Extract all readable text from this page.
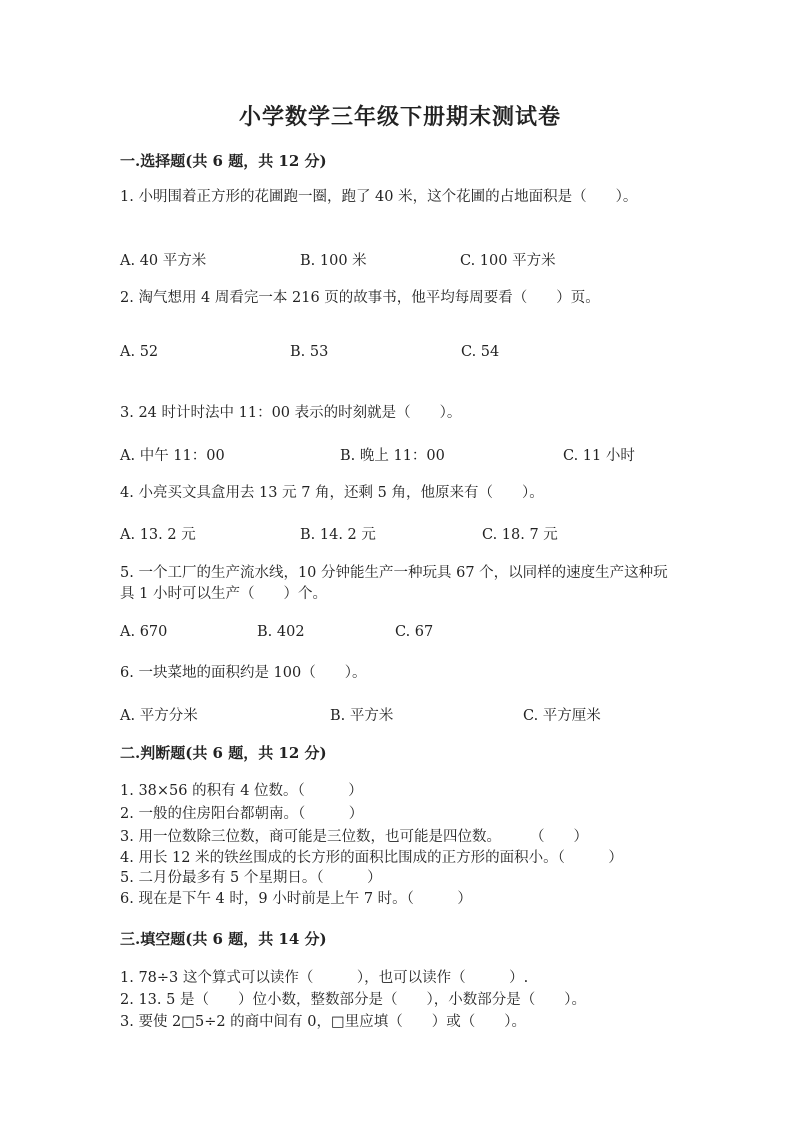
小学数学三年级下册期末测试卷
一.选择题(共 6 题，共 12 分)
1. 小明围着正方形的花圃跑一圈，跑了 40 米，这个花圃的占地面积是（　　）。
A. 40 平方米	B. 100 米	C. 100 平方米
2. 淘气想用 4 周看完一本 216 页的故事书，他平均每周要看（　　）页。
A. 52	B. 53	C. 54
3. 24 时计时法中 11：00 表示的时刻就是（　　）。
A. 中午 11：00	B. 晚上 11：00	C. 11 小时
4. 小亮买文具盒用去 13 元 7 角，还剩 5 角，他原来有（　　）。
A. 13. 2 元	B. 14. 2 元	C. 18. 7 元
5. 一个工厂的生产流水线，10 分钟能生产一种玩具 67 个，以同样的速度生产这种玩具 1 小时可以生产（　　）个。
A. 670	B. 402	C. 67
6. 一块菜地的面积约是 100（　　）。
A. 平方分米	B. 平方米	C. 平方厘米
二.判断题(共 6 题，共 12 分)
1. 38×56 的积有 4 位数。（　　　）
2. 一般的住房阳台都朝南。（　　　）
3. 用一位数除三位数，商可能是三位数，也可能是四位数。　　　（　　）
4. 用长 12 米的铁丝围成的长方形的面积比围成的正方形的面积小。（　　　）
5. 二月份最多有 5 个星期日。（　　　）
6. 现在是下午 4 时，9 小时前是上午 7 时。（　　　）
三.填空题(共 6 题，共 14 分)
1. 78÷3 这个算式可以读作（　　　），也可以读作（　　　）.
2. 13. 5 是（　　）位小数，整数部分是（　　），小数部分是（　　）。
3. 要使 2□5÷2 的商中间有 0，□里应填（　　）或（　　）。
